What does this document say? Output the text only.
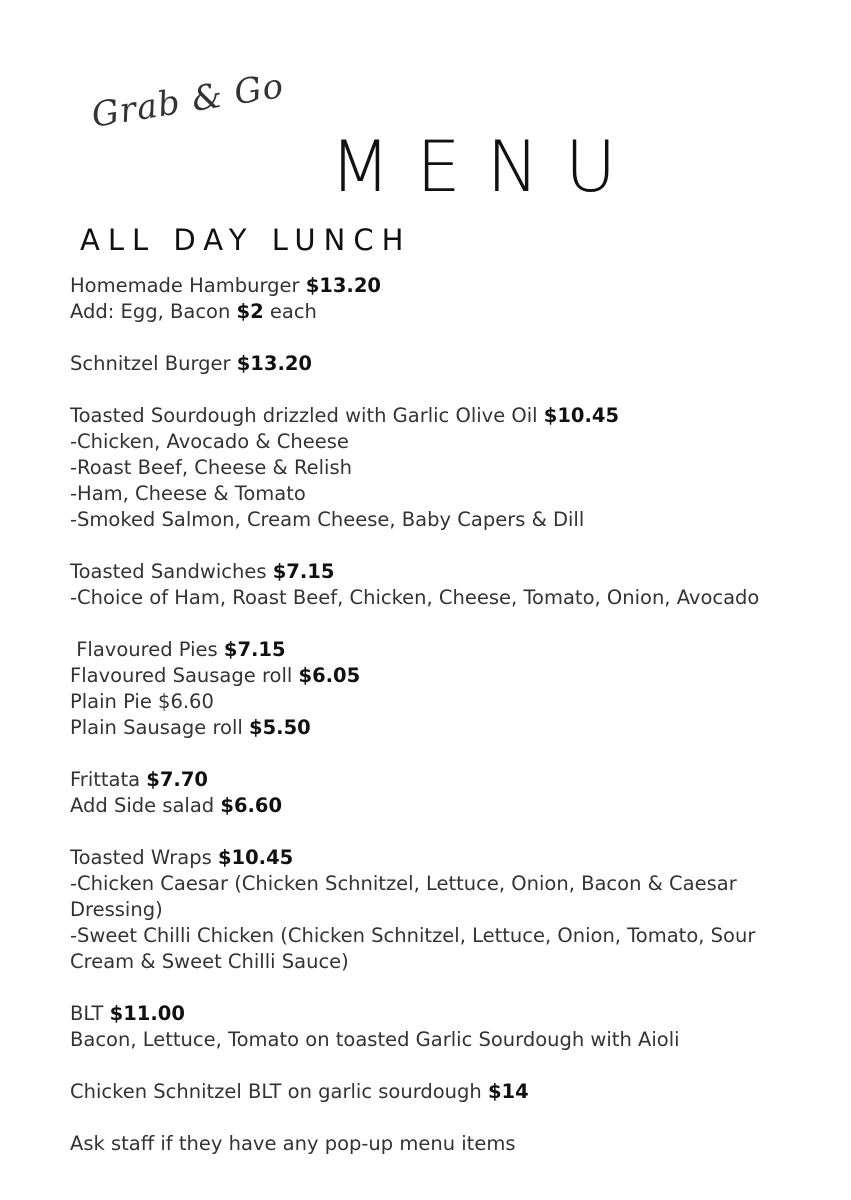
Grab & Go
MENU
ALL DAY LUNCH
Homemade Hamburger $13.20
Add: Egg, Bacon $2 each
Schnitzel Burger $13.20
Toasted Sourdough drizzled with Garlic Olive Oil $10.45
-Chicken, Avocado & Cheese
-Roast Beef, Cheese & Relish
-Ham, Cheese & Tomato
-Smoked Salmon, Cream Cheese, Baby Capers & Dill
Toasted Sandwiches $7.15
-Choice of Ham, Roast Beef, Chicken, Cheese, Tomato, Onion, Avocado
Flavoured Pies $7.15
Flavoured Sausage roll $6.05
Plain Pie $6.60
Plain Sausage roll $5.50
Frittata $7.70
Add Side salad $6.60
Toasted Wraps $10.45
-Chicken Caesar (Chicken Schnitzel, Lettuce, Onion, Bacon & Caesar Dressing)
-Sweet Chilli Chicken (Chicken Schnitzel, Lettuce, Onion, Tomato, Sour Cream & Sweet Chilli Sauce)
BLT $11.00
Bacon, Lettuce, Tomato on toasted Garlic Sourdough with Aioli
Chicken Schnitzel BLT on garlic sourdough $14
Ask staff if they have any pop-up menu items
